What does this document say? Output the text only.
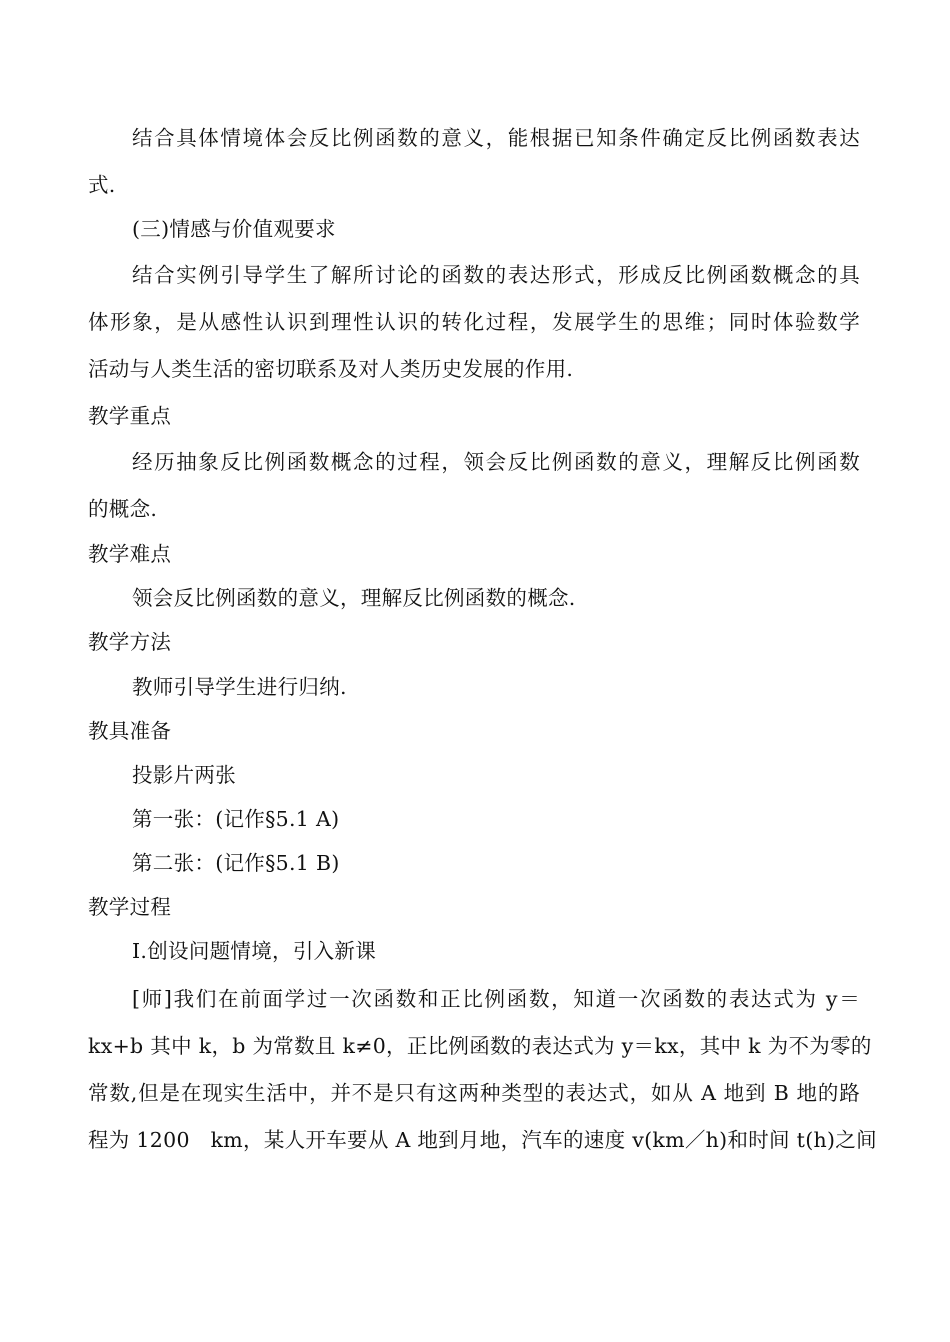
结合具体情境体会反比例函数的意义，能根据已知条件确定反比例函数表达
式.
(三)情感与价值观要求
结合实例引导学生了解所讨论的函数的表达形式，形成反比例函数概念的具
体形象，是从感性认识到理性认识的转化过程，发展学生的思维；同时体验数学
活动与人类生活的密切联系及对人类历史发展的作用.
教学重点
经历抽象反比例函数概念的过程，领会反比例函数的意义，理解反比例函数
的概念.
教学难点
领会反比例函数的意义，理解反比例函数的概念.
教学方法
教师引导学生进行归纳.
教具准备
投影片两张
第一张：(记作§5.1 A)
第二张：(记作§5.1 B)
教学过程
Ⅰ.创设问题情境，引入新课
[师]我们在前面学过一次函数和正比例函数，知道一次函数的表达式为 y＝
kx+b 其中 k，b 为常数且 k≠0，正比例函数的表达式为 y＝kx，其中 k 为不为零的
常数,但是在现实生活中，并不是只有这两种类型的表达式，如从 A 地到 B 地的路
程为 1200　km，某人开车要从 A 地到月地，汽车的速度 v(km／h)和时间 t(h)之间
